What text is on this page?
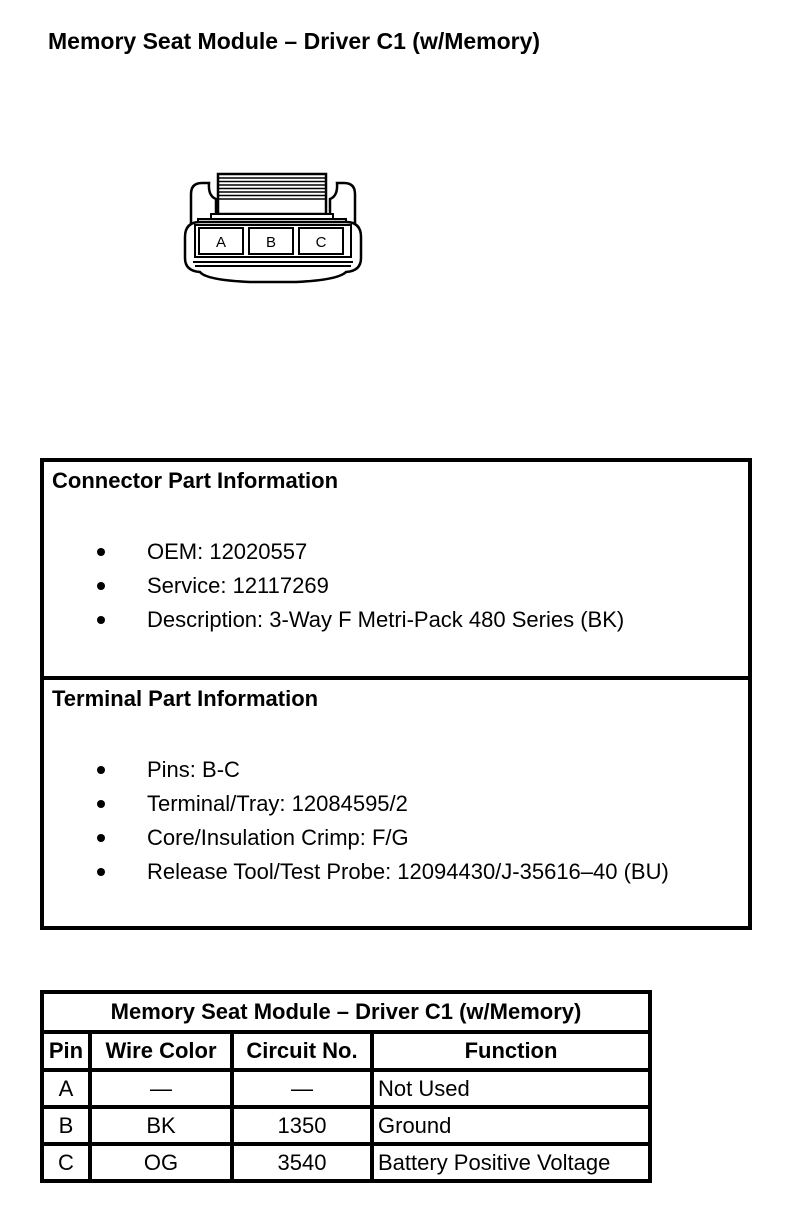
Memory Seat Module – Driver C1 (w/Memory)
A	B	C
Connector Part Information
OEM: 12020557
Service: 12117269
Description: 3-Way F Metri-Pack 480 Series (BK)
Terminal Part Information
Pins: B-C
Terminal/Tray: 12084595/2
Core/Insulation Crimp: F/G
Release Tool/Test Probe: 12094430/J-35616–40 (BU)
Memory Seat Module – Driver C1 (w/Memory)			
Pin	Wire Color	Circuit No.	Function
A	—	—	Not Used
B	BK	1350	Ground
C	OG	3540	Battery Positive Voltage
